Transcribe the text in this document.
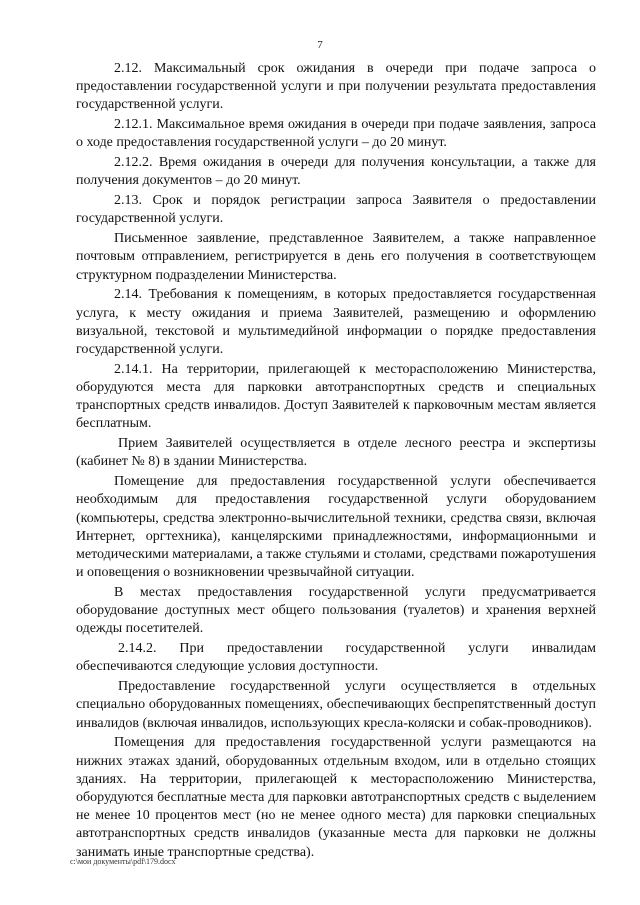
7

2.12. Максимальный срок ожидания в очереди при подаче запроса о предоставлении государственной услуги и при получении результата предоставления государственной услуги.

2.12.1. Максимальное время ожидания в очереди при подаче заявления, запроса о ходе предоставления государственной услуги – до 20 минут.

2.12.2. Время ожидания в очереди для получения консультации, а также для получения документов – до 20 минут.

2.13. Срок и порядок регистрации запроса Заявителя о предоставлении государственной услуги.

Письменное заявление, представленное Заявителем, а также направленное почтовым отправлением, регистрируется в день его получения в соответствующем структурном подразделении Министерства.

2.14. Требования к помещениям, в которых предоставляется государственная услуга, к месту ожидания и приема Заявителей, размещению и оформлению визуальной, текстовой и мультимедийной информации о порядке предоставления государственной услуги.

2.14.1. На территории, прилегающей к месторасположению Министерства, оборудуются места для парковки автотранспортных средств и специальных транспортных средств инвалидов. Доступ Заявителей к парковочным местам является бесплатным.

Прием Заявителей осуществляется в отделе лесного реестра и экспертизы (кабинет № 8) в здании Министерства.

Помещение для предоставления государственной услуги обеспечивается необходимым для предоставления государственной услуги оборудованием (компьютеры, средства электронно-вычислительной техники, средства связи, включая Интернет, оргтехника), канцелярскими принадлежностями, информационными и методическими материалами, а также стульями и столами, средствами пожаротушения и оповещения о возникновении чрезвычайной ситуации.

В местах предоставления государственной услуги предусматривается оборудование доступных мест общего пользования (туалетов) и хранения верхней одежды посетителей.

2.14.2. При предоставлении государственной услуги инвалидам обеспечиваются следующие условия доступности.

Предоставление государственной услуги осуществляется в отдельных специально оборудованных помещениях, обеспечивающих беспрепятственный доступ инвалидов (включая инвалидов, использующих кресла-коляски и собак-проводников).

Помещения для предоставления государственной услуги размещаются на нижних этажах зданий, оборудованных отдельным входом, или в отдельно стоящих зданиях. На территории, прилегающей к месторасположению Министерства, оборудуются бесплатные места для парковки автотранспортных средств с выделением не менее 10 процентов мест (но не менее одного места) для парковки специальных автотранспортных средств инвалидов (указанные места для парковки не должны занимать иные транспортные средства).

c:\мои документы\pdf\179.docx
